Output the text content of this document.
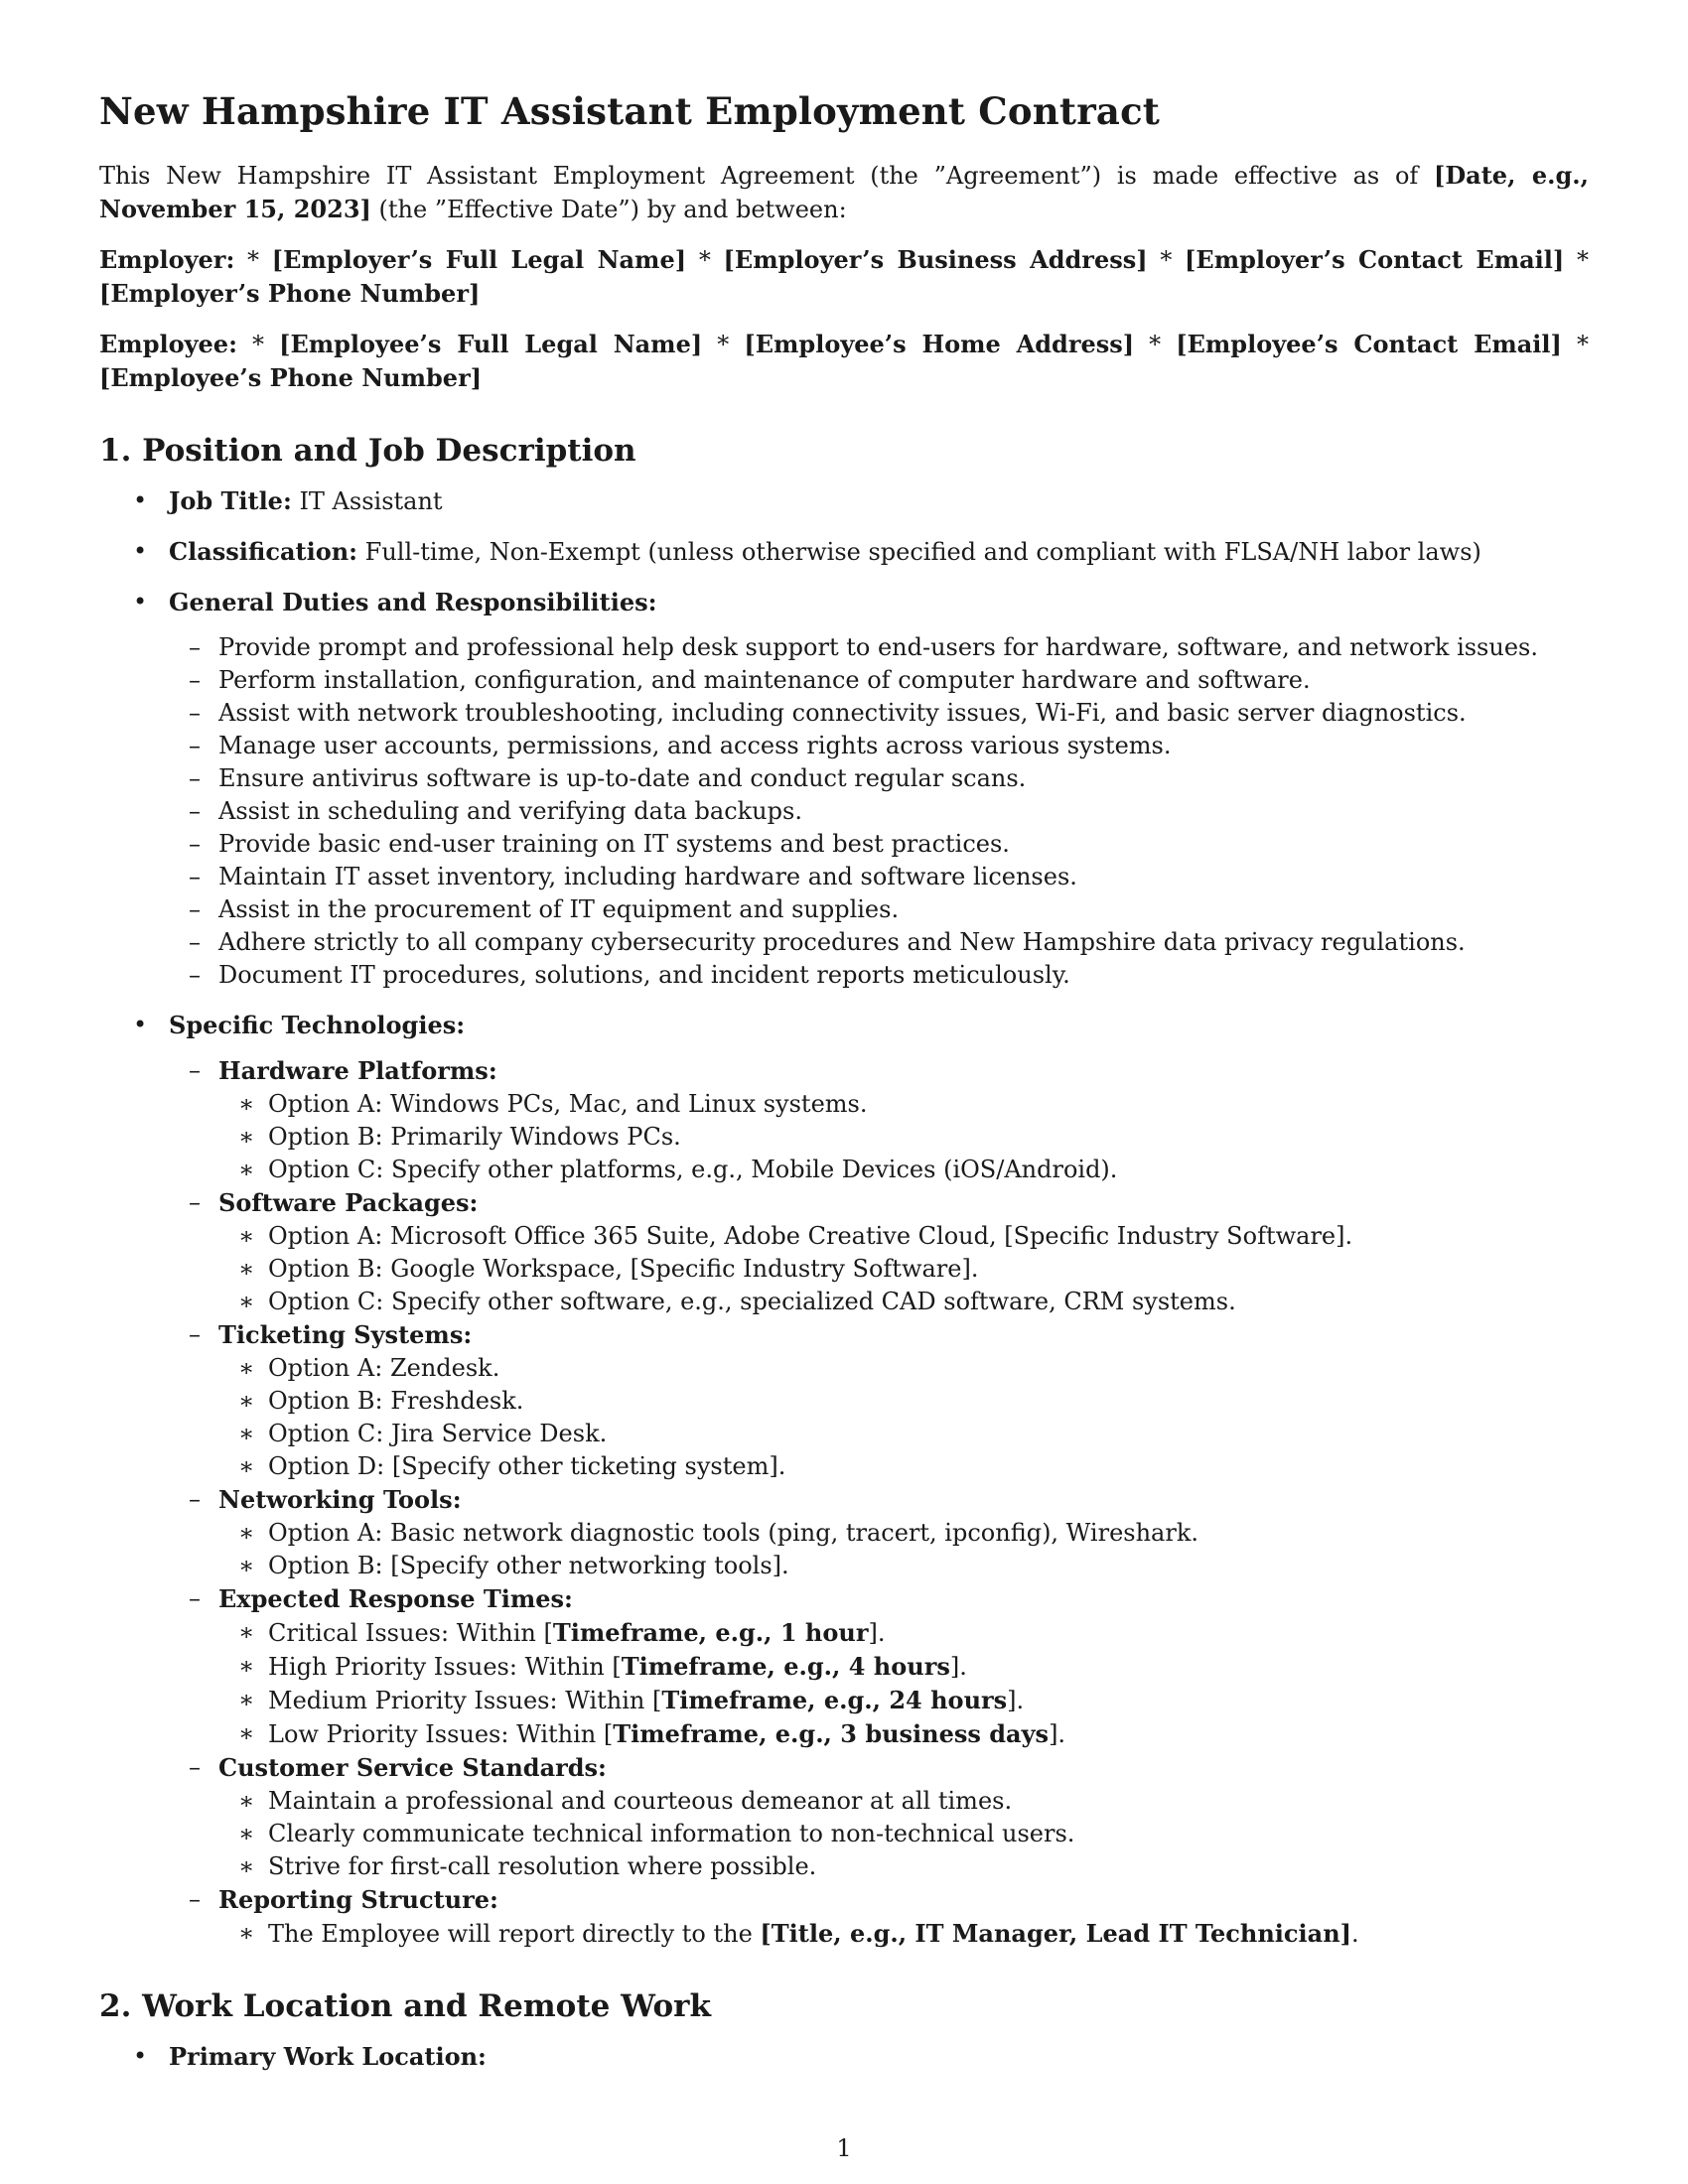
New Hampshire IT Assistant Employment Contract

This New Hampshire IT Assistant Employment Agreement (the ”Agreement”) is made effective as of [Date, e.g., November 15, 2023] (the ”Effective Date”) by and between:

Employer: * [Employer’s Full Legal Name] * [Employer’s Business Address] * [Employer’s Contact Email] * [Employer’s Phone Number]

Employee: * [Employee’s Full Legal Name] * [Employee’s Home Address] * [Employee’s Contact Email] * [Employee’s Phone Number]

1. Position and Job Description
• Job Title: IT Assistant
• Classification: Full-time, Non-Exempt (unless otherwise specified and compliant with FLSA/NH labor laws)
• General Duties and Responsibilities:
– Provide prompt and professional help desk support to end-users for hardware, software, and network issues.
– Perform installation, configuration, and maintenance of computer hardware and software.
– Assist with network troubleshooting, including connectivity issues, Wi-Fi, and basic server diagnostics.
– Manage user accounts, permissions, and access rights across various systems.
– Ensure antivirus software is up-to-date and conduct regular scans.
– Assist in scheduling and verifying data backups.
– Provide basic end-user training on IT systems and best practices.
– Maintain IT asset inventory, including hardware and software licenses.
– Assist in the procurement of IT equipment and supplies.
– Adhere strictly to all company cybersecurity procedures and New Hampshire data privacy regulations.
– Document IT procedures, solutions, and incident reports meticulously.
• Specific Technologies:
– Hardware Platforms:
∗ Option A: Windows PCs, Mac, and Linux systems.
∗ Option B: Primarily Windows PCs.
∗ Option C: Specify other platforms, e.g., Mobile Devices (iOS/Android).
– Software Packages:
∗ Option A: Microsoft Office 365 Suite, Adobe Creative Cloud, [Specific Industry Software].
∗ Option B: Google Workspace, [Specific Industry Software].
∗ Option C: Specify other software, e.g., specialized CAD software, CRM systems.
– Ticketing Systems:
∗ Option A: Zendesk.
∗ Option B: Freshdesk.
∗ Option C: Jira Service Desk.
∗ Option D: [Specify other ticketing system].
– Networking Tools:
∗ Option A: Basic network diagnostic tools (ping, tracert, ipconfig), Wireshark.
∗ Option B: [Specify other networking tools].
– Expected Response Times:
∗ Critical Issues: Within [Timeframe, e.g., 1 hour].
∗ High Priority Issues: Within [Timeframe, e.g., 4 hours].
∗ Medium Priority Issues: Within [Timeframe, e.g., 24 hours].
∗ Low Priority Issues: Within [Timeframe, e.g., 3 business days].
– Customer Service Standards:
∗ Maintain a professional and courteous demeanor at all times.
∗ Clearly communicate technical information to non-technical users.
∗ Strive for first-call resolution where possible.
– Reporting Structure:
∗ The Employee will report directly to the [Title, e.g., IT Manager, Lead IT Technician].
2. Work Location and Remote Work
• Primary Work Location:
1
